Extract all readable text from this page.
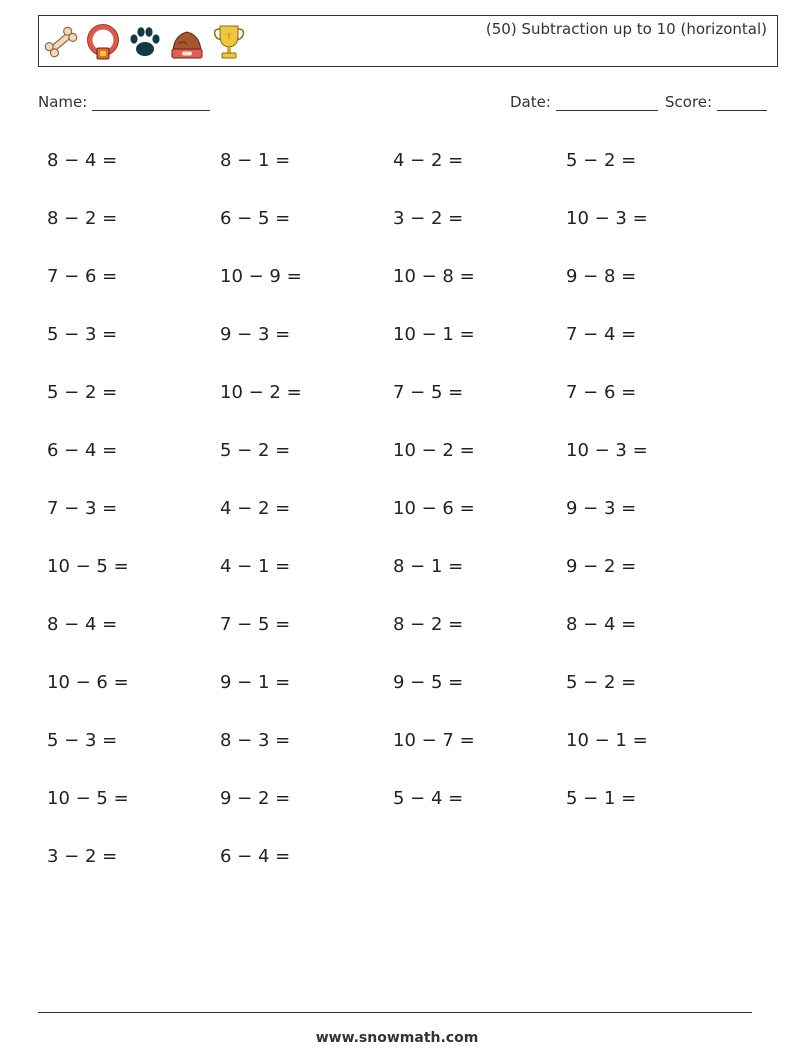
!	(50) Subtraction up to 10 (horizontal)
Name:	Date:	Score:
8 − 4 =	8 − 1 =	4 − 2 =	5 − 2 =
8 − 2 =	6 − 5 =	3 − 2 =	10 − 3 =
7 − 6 =	10 − 9 =	10 − 8 =	9 − 8 =
5 − 3 =	9 − 3 =	10 − 1 =	7 − 4 =
5 − 2 =	10 − 2 =	7 − 5 =	7 − 6 =
6 − 4 =	5 − 2 =	10 − 2 =	10 − 3 =
7 − 3 =	4 − 2 =	10 − 6 =	9 − 3 =
10 − 5 =	4 − 1 =	8 − 1 =	9 − 2 =
8 − 4 =	7 − 5 =	8 − 2 =	8 − 4 =
10 − 6 =	9 − 1 =	9 − 5 =	5 − 2 =
5 − 3 =	8 − 3 =	10 − 7 =	10 − 1 =
10 − 5 =	9 − 2 =	5 − 4 =	5 − 1 =
3 − 2 =	6 − 4 =
www.snowmath.com
